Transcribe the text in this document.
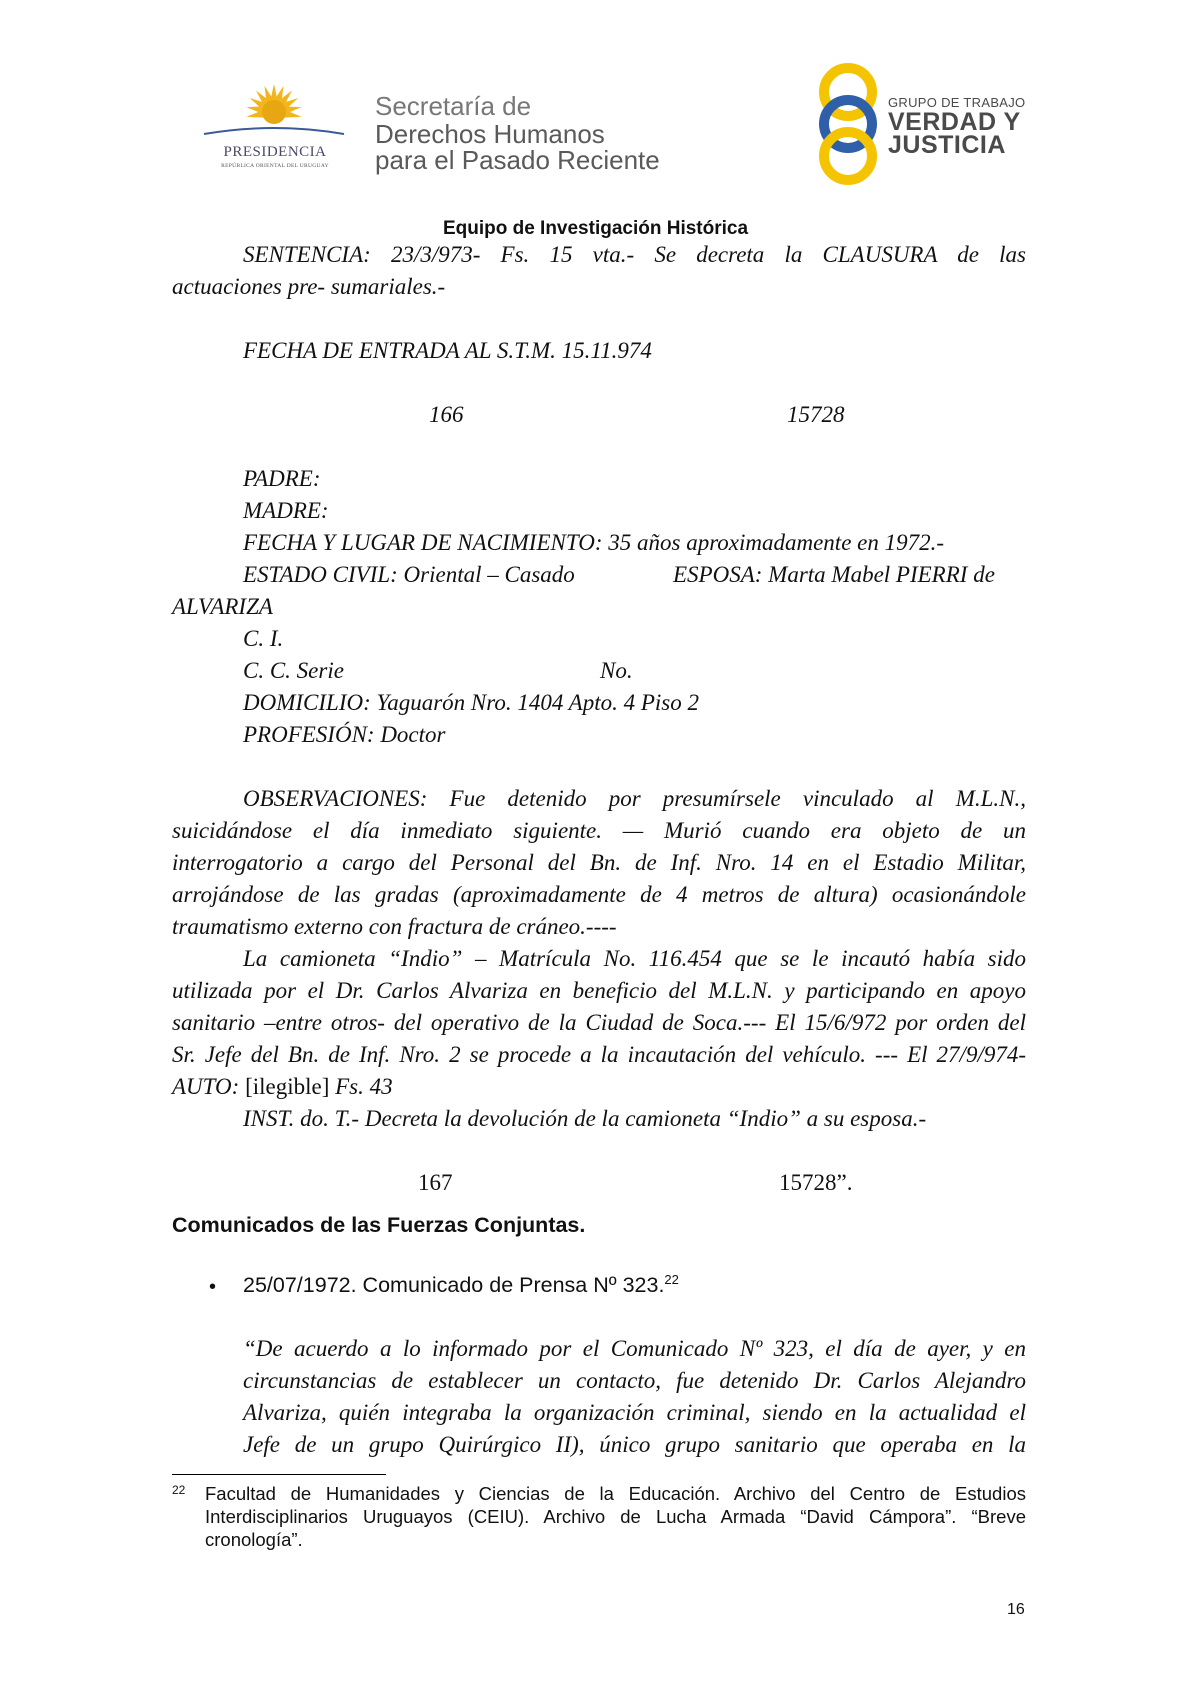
PRESIDENCIA
REPÚBLICA ORIENTAL DEL URUGUAY
Secretaría de
Derechos Humanos
para el Pasado Reciente
GRUPO DE TRABAJO
VERDAD Y
JUSTICIA
Equipo de Investigación Histórica
SENTENCIA: 23/3/973- Fs. 15 vta.- Se decreta la CLAUSURA de las
actuaciones pre- sumariales.-
FECHA DE ENTRADA AL S.T.M. 15.11.974
166	15728
PADRE:
MADRE:
FECHA Y LUGAR DE NACIMIENTO: 35 años aproximadamente en 1972.-
ESTADO CIVIL: Oriental – Casado	ESPOSA: Marta Mabel PIERRI de
ALVARIZA
C. I.
C. C. Serie	No.
DOMICILIO: Yaguarón Nro. 1404 Apto. 4 Piso 2
PROFESIÓN: Doctor
OBSERVACIONES: Fue detenido por presumírsele vinculado al M.L.N.,
suicidándose el día inmediato siguiente. — Murió cuando era objeto de un
interrogatorio a cargo del Personal del Bn. de Inf. Nro. 14 en el Estadio Militar,
arrojándose de las gradas (aproximadamente de 4 metros de altura) ocasionándole
traumatismo externo con fractura de cráneo.----
La camioneta “Indio” – Matrícula No. 116.454 que se le incautó había sido
utilizada por el Dr. Carlos Alvariza en beneficio del M.L.N. y participando en apoyo
sanitario –entre otros- del operativo de la Ciudad de Soca.--- El 15/6/972 por orden del
Sr. Jefe del Bn. de Inf. Nro. 2 se procede a la incautación del vehículo. --- El 27/9/974-
AUTO: [ilegible] Fs. 43
INST. do. T.- Decreta la devolución de la camioneta “Indio” a su esposa.-
167	15728”.
Comunicados de las Fuerzas Conjuntas.
• 25/07/1972. Comunicado de Prensa Nº 323.22
“De acuerdo a lo informado por el Comunicado Nº 323, el día de ayer, y en
circunstancias de establecer un contacto, fue detenido Dr. Carlos Alejandro
Alvariza, quién integraba la organización criminal, siendo en la actualidad el
Jefe de un grupo Quirúrgico II), único grupo sanitario que operaba en la
22 Facultad de Humanidades y Ciencias de la Educación. Archivo del Centro de Estudios
Interdisciplinarios Uruguayos (CEIU). Archivo de Lucha Armada “David Cámpora”. “Breve
cronología”.
16
